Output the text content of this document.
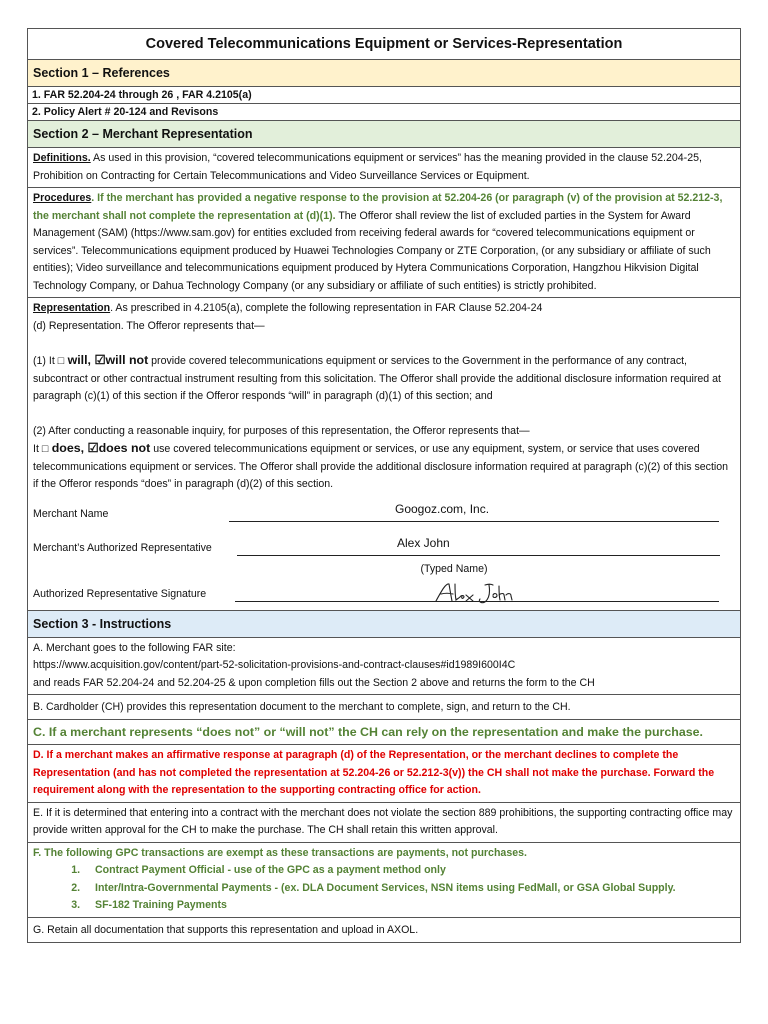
Covered Telecommunications Equipment or Services-Representation
Section 1 – References
1. FAR 52.204-24 through 26 , FAR 4.2105(a)
2. Policy Alert # 20-124 and Revisons
Section 2 – Merchant Representation
Definitions. As used in this provision, “covered telecommunications equipment or services” has the meaning provided in the clause 52.204-25, Prohibition on Contracting for Certain Telecommunications and Video Surveillance Services or Equipment.
Procedures. If the merchant has provided a negative response to the provision at 52.204-26 (or paragraph (v) of the provision at 52.212-3, the merchant shall not complete the representation at (d)(1). The Offeror shall review the list of excluded parties in the System for Award Management (SAM) (https://www.sam.gov) for entities excluded from receiving federal awards for “covered telecommunications equipment or services”. Telecommunications equipment produced by Huawei Technologies Company or ZTE Corporation, (or any subsidiary or affiliate of such entities); Video surveillance and telecommunications equipment produced by Hytera Communications Corporation, Hangzhou Hikvision Digital Technology Company, or Dahua Technology Company (or any subsidiary or affiliate of such entities) is strictly prohibited.
Representation. As prescribed in 4.2105(a), complete the following representation in FAR Clause 52.204-24
(d) Representation. The Offeror represents that—
(1) It □ will, ☑will not provide covered telecommunications equipment or services to the Government in the performance of any contract, subcontract or other contractual instrument resulting from this solicitation. The Offeror shall provide the additional disclosure information required at paragraph (c)(1) of this section if the Offeror responds “will” in paragraph (d)(1) of this section; and
(2) After conducting a reasonable inquiry, for purposes of this representation, the Offeror represents that—
It □ does, ☑does not use covered telecommunications equipment or services, or use any equipment, system, or service that uses covered telecommunications equipment or services. The Offeror shall provide the additional disclosure information required at paragraph (c)(2) of this section if the Offeror responds “does” in paragraph (d)(2) of this section.
Merchant Name	Googoz.com, Inc.
Merchant’s Authorized Representative	Alex John
(Typed Name)
Authorized Representative Signature
Section 3 - Instructions
A. Merchant goes to the following FAR site:
https://www.acquisition.gov/content/part-52-solicitation-provisions-and-contract-clauses#id1989I600I4C
and reads FAR 52.204-24 and 52.204-25 & upon completion fills out the Section 2 above and returns the form to the CH
B. Cardholder (CH) provides this representation document to the merchant to complete, sign, and return to the CH.
C. If a merchant represents “does not” or “will not” the CH can rely on the representation and make the purchase.
D. If a merchant makes an affirmative response at paragraph (d) of the Representation, or the merchant declines to complete the Representation (and has not completed the representation at 52.204-26 or 52.212-3(v)) the CH shall not make the purchase. Forward the requirement along with the representation to the supporting contracting office for action.
E. If it is determined that entering into a contract with the merchant does not violate the section 889 prohibitions, the supporting contracting office may provide written approval for the CH to make the purchase. The CH shall retain this written approval.
F. The following GPC transactions are exempt as these transactions are payments, not purchases.
1. Contract Payment Official - use of the GPC as a payment method only
2. Inter/Intra-Governmental Payments - (ex. DLA Document Services, NSN items using FedMall, or GSA Global Supply.
3. SF-182 Training Payments
G. Retain all documentation that supports this representation and upload in AXOL.
